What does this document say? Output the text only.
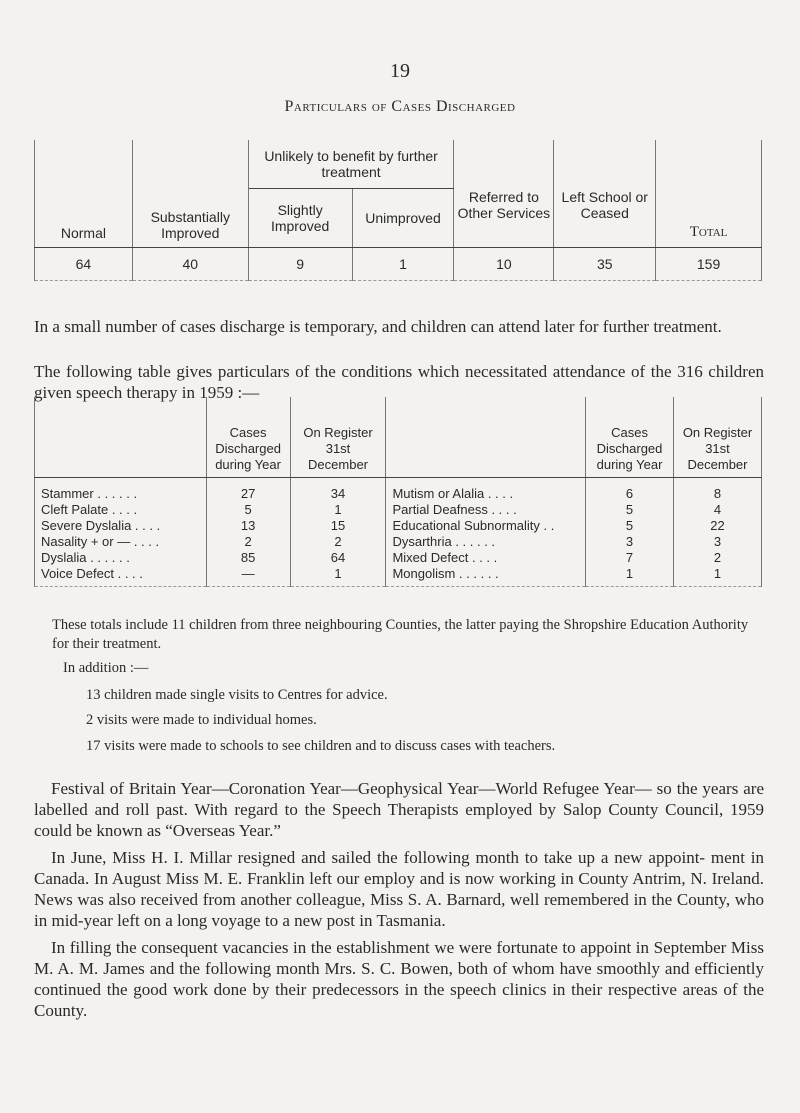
19
Particulars of Cases Discharged
Normal	Substantially Improved	Unlikely to benefit by further treatment		Referred to Other Services	Left School or Ceased	Total
		Slightly Improved	Unimproved			
64	40	9	1	10	35	159
In a small number of cases discharge is temporary, and children can attend later for further treatment.
The following table gives particulars of the conditions which necessitated attendance of the 316 children given speech therapy in 1959 :—
	Cases Discharged during Year	On Register 31st December		Cases Discharged during Year	On Register 31st December
Stammer . . . . . .	27	34	Mutism or Alalia . . . .	6	8
Cleft Palate . . . .	5	1	Partial Deafness . . . .	5	4
Severe Dyslalia . . . .	13	15	Educational Subnormality . .	5	22
Nasality + or — . . . .	2	2	Dysarthria . . . . . .	3	3
Dyslalia . . . . . .	85	64	Mixed Defect . . . .	7	2
Voice Defect . . . .	—	1	Mongolism . . . . . .	1	1
These totals include 11 children from three neighbouring Counties, the latter paying the Shropshire Education Authority for their treatment.
In addition :—
13 children made single visits to Centres for advice.
2 visits were made to individual homes.
17 visits were made to schools to see children and to discuss cases with teachers.
Festival of Britain Year—Coronation Year—Geophysical Year—World Refugee Year— so the years are labelled and roll past. With regard to the Speech Therapists employed by Salop County Council, 1959 could be known as “Overseas Year.”
In June, Miss H. I. Millar resigned and sailed the following month to take up a new appoint- ment in Canada. In August Miss M. E. Franklin left our employ and is now working in County Antrim, N. Ireland. News was also received from another colleague, Miss S. A. Barnard, well remembered in the County, who in mid-year left on a long voyage to a new post in Tasmania.
In filling the consequent vacancies in the establishment we were fortunate to appoint in September Miss M. A. M. James and the following month Mrs. S. C. Bowen, both of whom have smoothly and efficiently continued the good work done by their predecessors in the speech clinics in their respective areas of the County.
